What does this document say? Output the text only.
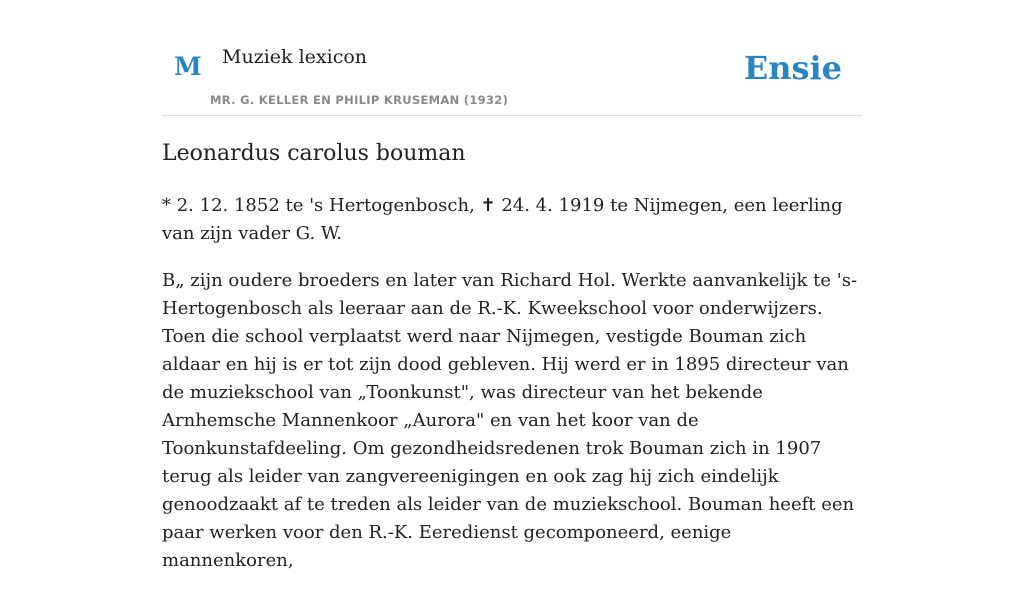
M Muziek lexicon
MR. G. KELLER EN PHILIP KRUSEMAN (1932)
Ensie
Leonardus carolus bouman

* 2. 12. 1852 te 's Hertogenbosch, ✝ 24. 4. 1919 te Nijmegen, een leerling van zijn vader G. W.

B„ zijn oudere broeders en later van Richard Hol. Werkte aanvankelijk te 's-Hertogenbosch als leeraar aan de R.-K. Kweekschool voor onderwijzers. Toen die school verplaatst werd naar Nijmegen, vestigde Bouman zich aldaar en hij is er tot zijn dood gebleven. Hij werd er in 1895 directeur van de muziekschool van „Toonkunst", was directeur van het bekende Arnhemsche Mannenkoor „Aurora" en van het koor van de Toonkunstafdeeling. Om gezondheidsredenen trok Bouman zich in 1907 terug als leider van zangvereenigingen en ook zag hij zich eindelijk genoodzaakt af te treden als leider van de muziekschool. Bouman heeft een paar werken voor den R.-K. Eeredienst gecomponeerd, eenige mannenkoren,
